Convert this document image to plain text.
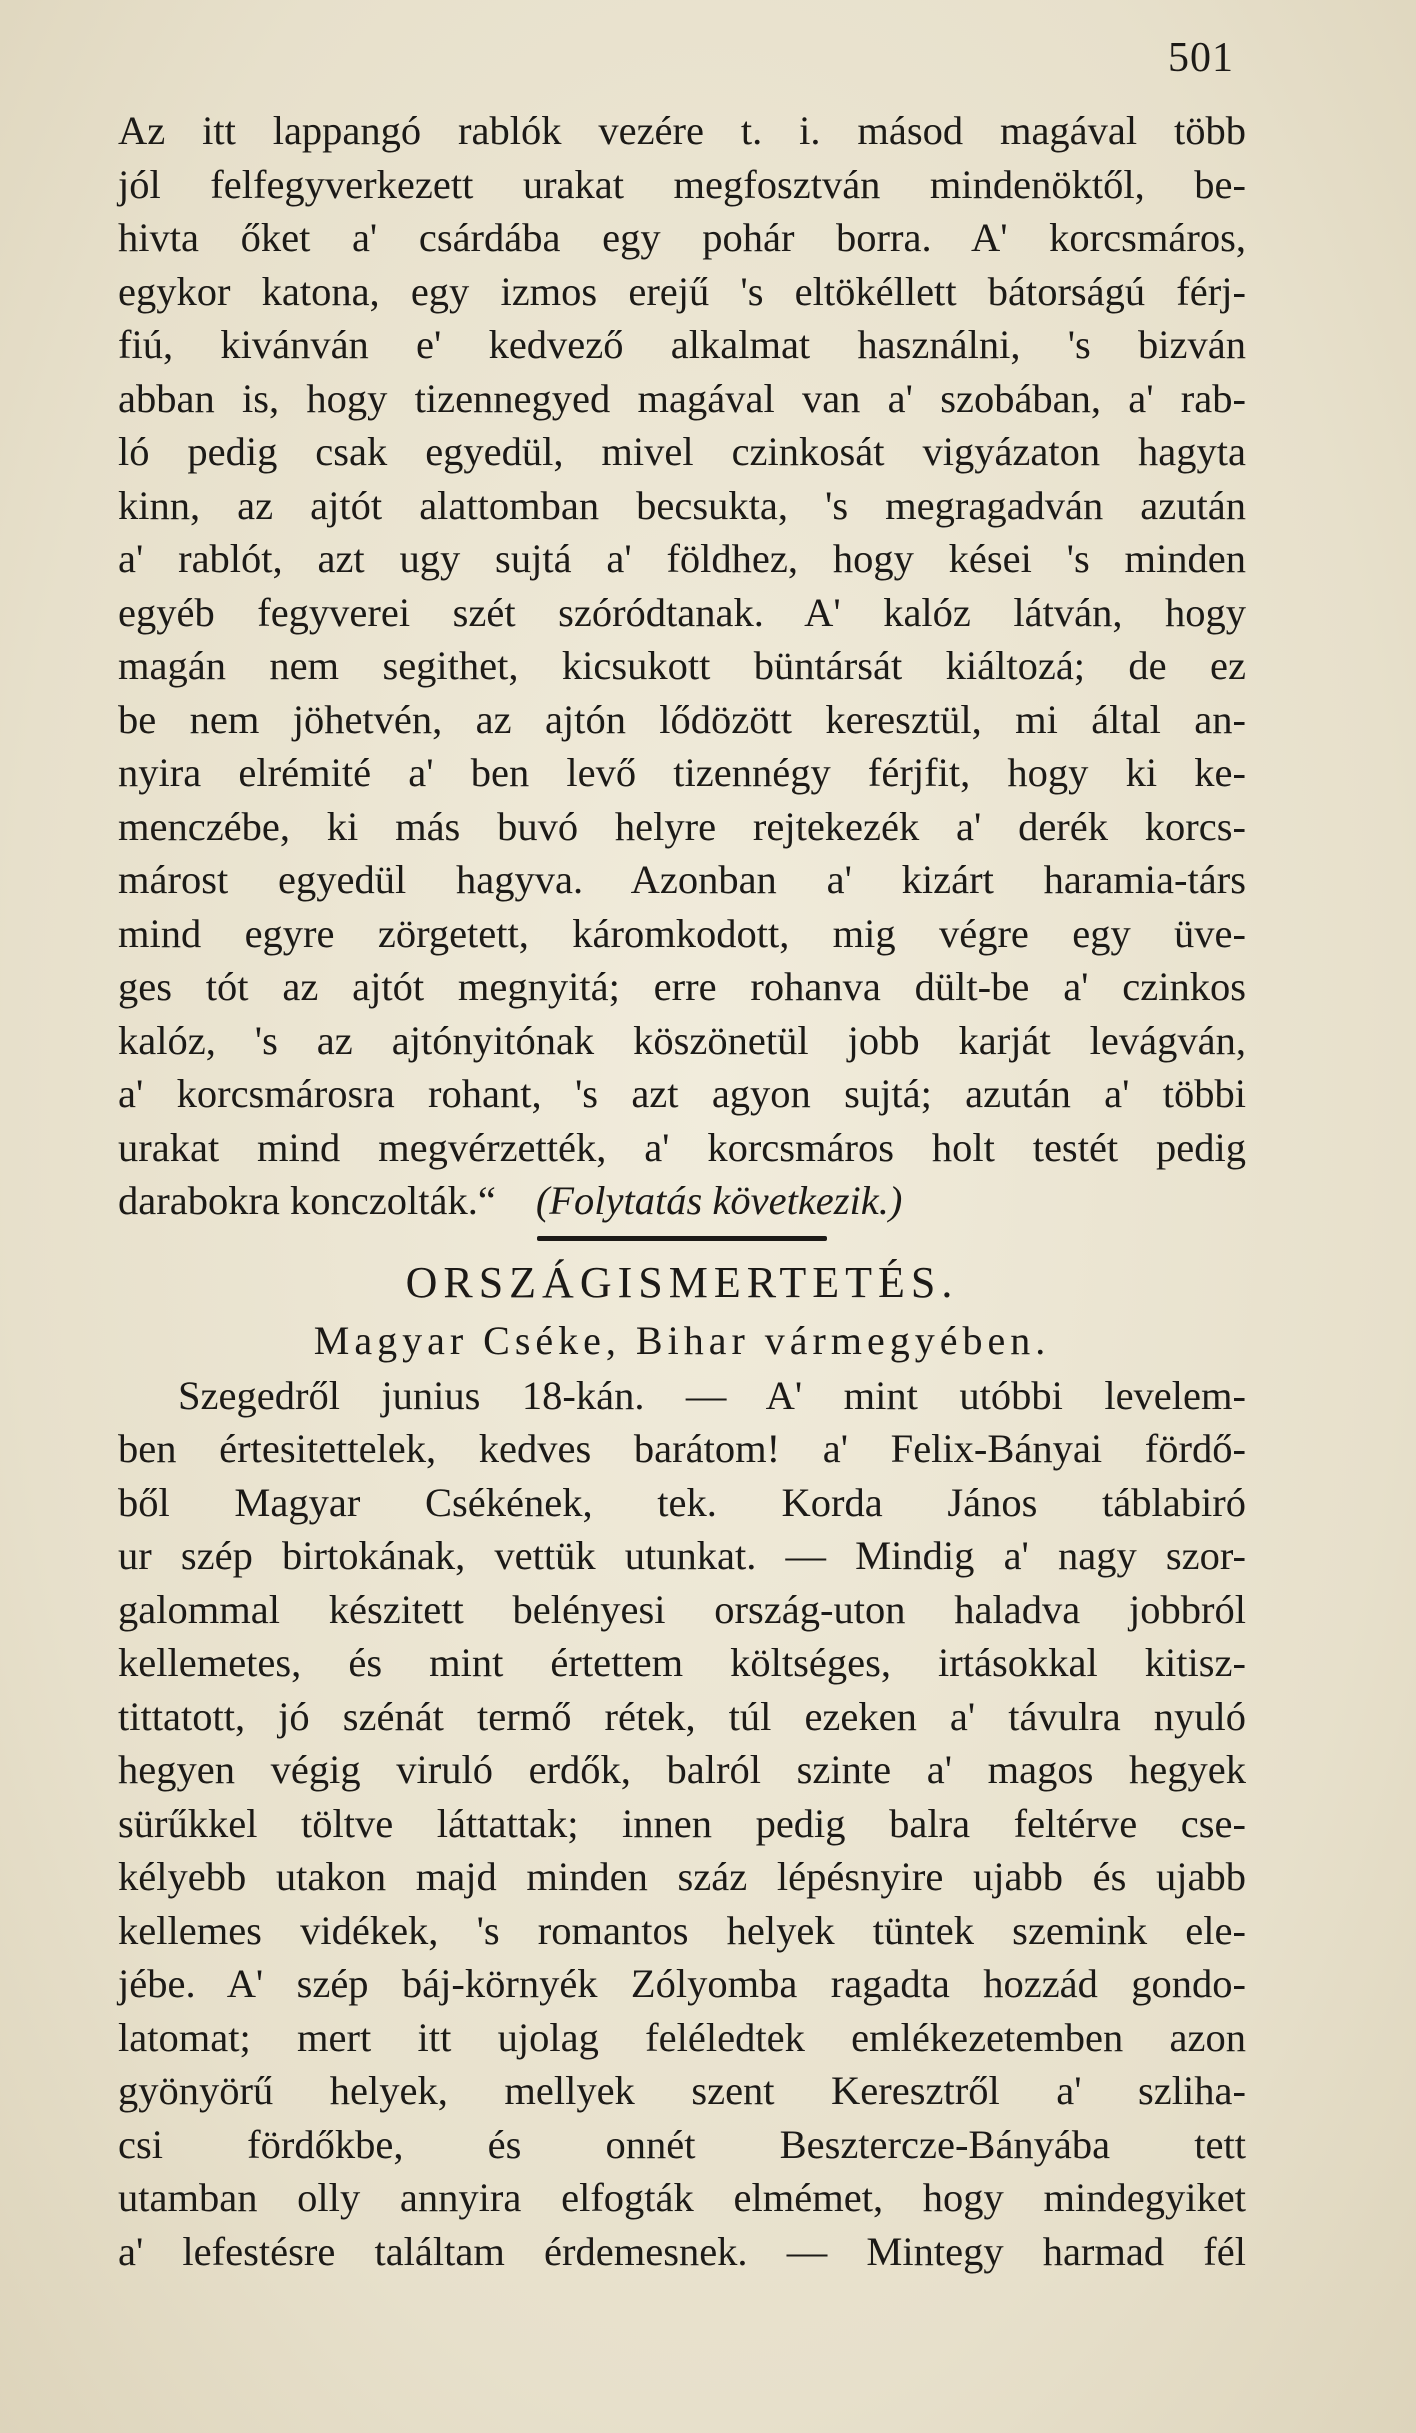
501
Az itt lappangó rablók vezére t. i. másod magával több
jól felfegyverkezett urakat megfosztván mindenöktől, be-
hivta őket a' csárdába egy pohár borra. A' korcsmáros,
egykor katona, egy izmos erejű 's eltökéllett bátorságú férj-
fiú, kivánván e' kedvező alkalmat használni, 's bizván
abban is, hogy tizennegyed magával van a' szobában, a' rab-
ló pedig csak egyedül, mivel czinkosát vigyázaton hagyta
kinn, az ajtót alattomban becsukta, 's megragadván azután
a' rablót, azt ugy sujtá a' földhez, hogy kései 's minden
egyéb fegyverei szét szóródtanak. A' kalóz látván, hogy
magán nem segithet, kicsukott büntársát kiáltozá; de ez
be nem jöhetvén, az ajtón lődözött keresztül, mi által an-
nyira elrémité a' ben levő tizennégy férjfit, hogy ki ke-
menczébe, ki más buvó helyre rejtekezék a' derék korcs-
márost egyedül hagyva. Azonban a' kizárt haramia-társ
mind egyre zörgetett, káromkodott, mig végre egy üve-
ges tót az ajtót megnyitá; erre rohanva dült-be a' czinkos
kalóz, 's az ajtónyitónak köszönetül jobb karját levágván,
a' korcsmárosra rohant, 's azt agyon sujtá; azután a' többi
urakat mind megvérzették, a' korcsmáros holt testét pedig
darabokra konczolták.“ (Folytatás következik.)
ORSZÁGISMERTETÉS.
Magyar Cséke, Bihar vármegyében.
Szegedről junius 18-kán. — A' mint utóbbi levelem-
ben értesitettelek, kedves barátom! a' Felix-Bányai fördő-
ből Magyar Csékének, tek. Korda János táblabiró
ur szép birtokának, vettük utunkat. — Mindig a' nagy szor-
galommal készitett belényesi ország-uton haladva jobbról
kellemetes, és mint értettem költséges, irtásokkal kitisz-
tittatott, jó szénát termő rétek, túl ezeken a' távulra nyuló
hegyen végig viruló erdők, balról szinte a' magos hegyek
sürűkkel töltve láttattak; innen pedig balra feltérve cse-
kélyebb utakon majd minden száz lépésnyire ujabb és ujabb
kellemes vidékek, 's romantos helyek tüntek szemink ele-
jébe. A' szép báj-környék Zólyomba ragadta hozzád gondo-
latomat; mert itt ujolag feléledtek emlékezetemben azon
gyönyörű helyek, mellyek szent Keresztről a' szliha-
csi fördőkbe, és onnét Beszterczе-Bányába tett
utamban olly annyira elfogták elmémet, hogy mindegyiket
a' lefestésre találtam érdemesnek. — Mintegy harmad fél
